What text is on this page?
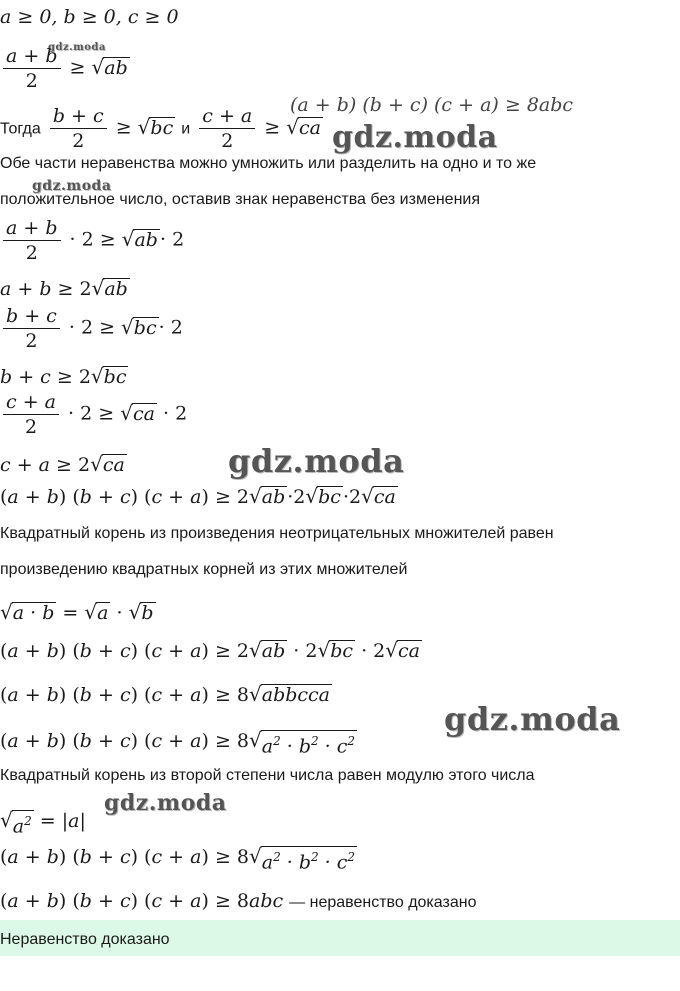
gdz.moda
gdz.moda
gdz.moda
gdz.moda
gdz.moda
gdz.moda
a ≥ 0, b ≥ 0, c ≥ 0
$\frac{a + b}{2}$ ≥ √ ab
(a + b) (b + c) (c + a) ≥ 8abc
Тогда $\frac{b + c}{2}$ ≥ √ bc и $\frac{c + a}{2}$ ≥ √ ca
Обе части неравенства можно умножить или разделить на одно и то же
положительное число, оставив знак неравенства без изменения
$\frac{a + b}{2} \cdot 2$ ≥ √ ab · 2
a + b ≥ 2 √ ab
$\frac{b + c}{2} \cdot 2$ ≥ √ bc · 2
b + c ≥ 2 √ bc
$\frac{c + a}{2} \cdot 2$ ≥ √ ca · 2
c + a ≥ 2 √ ca
(a + b) (b + c) (c + a) ≥ 2 √ ab ·2 √ bc ·2 √ ca
Квадратный корень из произведения неотрицательных множителей равен
произведению квадратных корней из этих множителей
√ a · b = √ a · √ b
(a + b) (b + c) (c + a) ≥ 2 √ ab · 2 √ bc · 2 √ ca
(a + b) (b + c) (c + a) ≥ 8 √ abbcca
(a + b) (b + c) (c + a) ≥ 8 √ $a^2 \cdot b^2 \cdot c^2$
Квадратный корень из второй степени числа равен модулю этого числа
√ $a^2 = |a|$
(a + b) (b + c) (c + a) ≥ 8 √ $a^2 \cdot b^2 \cdot c^2$
(a + b) (b + c) (c + a) ≥ 8abc — неравенство доказано
Неравенство доказано
